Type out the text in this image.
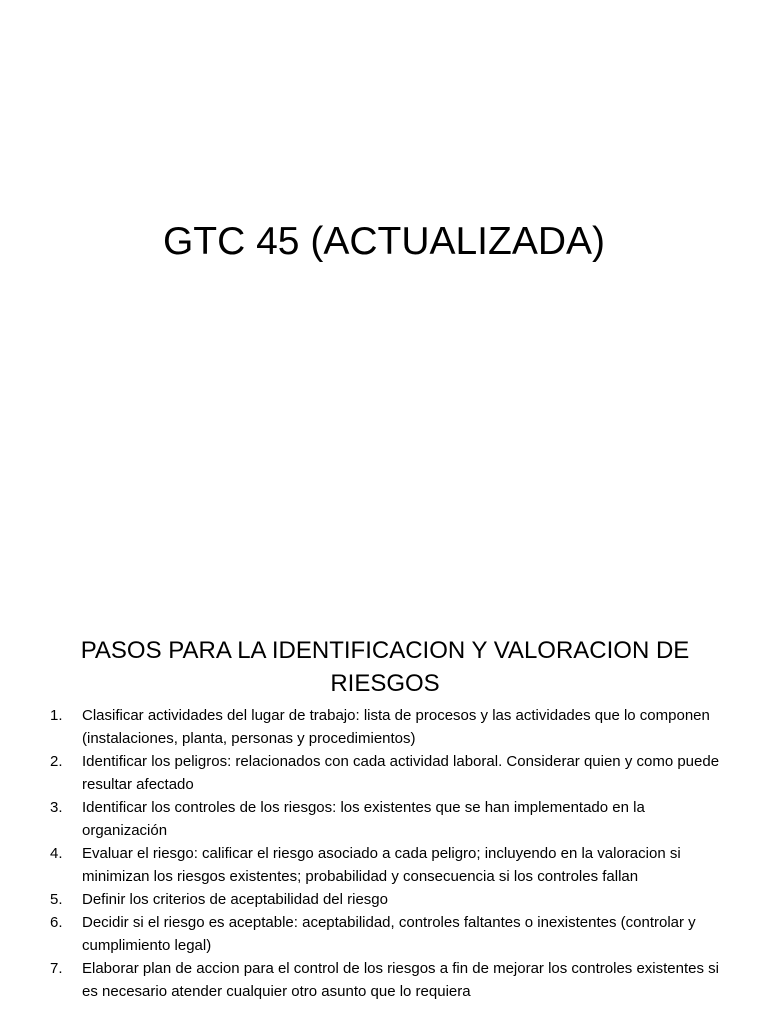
GTC 45 (ACTUALIZADA)
PASOS PARA LA IDENTIFICACION Y VALORACION DE RIESGOS
1. Clasificar actividades del lugar de trabajo: lista de procesos y las actividades que lo componen (instalaciones, planta, personas y procedimientos)
2. Identificar los peligros: relacionados con cada actividad laboral. Considerar quien y como puede resultar afectado
3. Identificar los controles de los riesgos: los existentes que se han implementado en la organización
4. Evaluar el riesgo: calificar el riesgo asociado a cada peligro; incluyendo en la valoracion si minimizan los riesgos existentes; probabilidad y consecuencia si los controles fallan
5. Definir los criterios de aceptabilidad del riesgo
6. Decidir si el riesgo es aceptable: aceptabilidad, controles faltantes o inexistentes (controlar y cumplimiento legal)
7. Elaborar plan de accion para el control de los riesgos a fin de mejorar los controles existentes si es necesario atender cualquier otro asunto que lo requiera
